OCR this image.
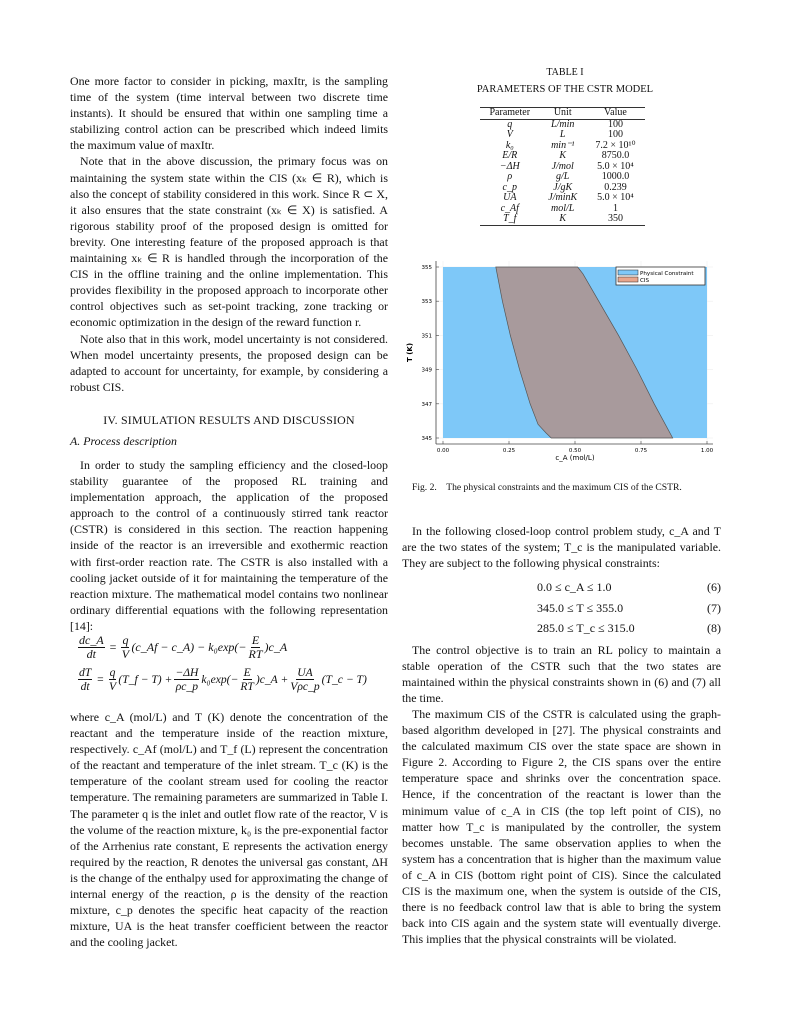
One more factor to consider in picking, maxItr, is the sampling time of the system (time interval between two discrete time instants). It should be ensured that within one sampling time a stabilizing control action can be prescribed which indeed limits the maximum value of maxItr.

Note that in the above discussion, the primary focus was on maintaining the system state within the CIS (xₖ ∈ R), which is also the concept of stability considered in this work. Since R ⊂ X, it also ensures that the state constraint (xₖ ∈ X) is satisfied. A rigorous stability proof of the proposed design is omitted for brevity. One interesting feature of the proposed approach is that maintaining xₖ ∈ R is handled through the incorporation of the CIS in the offline training and the online implementation. This provides flexibility in the proposed approach to incorporate other control objectives such as set-point tracking, zone tracking or economic optimization in the design of the reward function r.

Note also that in this work, model uncertainty is not considered. When model uncertainty presents, the proposed design can be adapted to account for uncertainty, for example, by considering a robust CIS.

IV. SIMULATION RESULTS AND DISCUSSION
A. Process description
In order to study the sampling efficiency and the closed-loop stability guarantee of the proposed RL training and implementation approach, the application of the proposed approach to the control of a continuously stirred tank reactor (CSTR) is considered in this section. The reaction happening inside of the reactor is an irreversible and exothermic reaction with first-order reaction rate. The CSTR is also installed with a cooling jacket outside of it for maintaining the temperature of the reaction mixture. The mathematical model contains two nonlinear ordinary differential equations with the following representation [14]:
$\frac{dc\_A}{dt} = \frac{q}{V}$ (c_Af − c_A) − $k_0\exp(- \frac{E}{RT}$ )c_A
$\frac{dT}{dt} = \frac{q}{V}$ (T_f − $T) + \frac{-\Delta H}{\rho c\_p} k_0\exp(- \frac{E}{RT}$ )c_A + $\frac{UA}{\text{Vρc\_p}}$ (T_c − T)
where c_A (mol/L) and T (K) denote the concentration of the reactant and the temperature inside of the reaction mixture, respectively. c_Af (mol/L) and T_f (L) represent the concentration of the reactant and temperature of the inlet stream. T_c (K) is the temperature of the coolant stream used for cooling the reactor temperature. The remaining parameters are summarized in Table I. The parameter q is the inlet and outlet flow rate of the reactor, V is the volume of the reaction mixture, k₀ is the pre-exponential factor of the Arrhenius rate constant, E represents the activation energy required by the reaction, R denotes the universal gas constant, ΔH is the change of the enthalpy used for approximating the change of internal energy of the reaction, ρ is the density of the reaction mixture, c_p denotes the specific heat capacity of the reaction mixture, UA is the heat transfer coefficient between the reactor and the cooling jacket.
TABLE I
PARAMETERS OF THE CSTR MODEL
Parameter	Unit	Value
q	L/min	100
V	L	100
k₀	min⁻¹	7.2 × 10¹⁰
E/R	K	8750.0
−ΔH	J/mol	5.0 × 10⁴
ρ	g/L	1000.0
c_p	J/gK	0.239
UA	J/minK	5.0 × 10⁴
c_Af	mol/L	1
T_f	K	350
355
353
351
349
347
345
0.00	0.25	0.50	0.75	1.00
c_A (mol/L)
T (K)
Physical Constraint
CIS
Fig. 2.    The physical constraints and the maximum CIS of the CSTR.
In the following closed-loop control problem study, c_A and T are the two states of the system; T_c is the manipulated variable. They are subject to the following physical constraints:
The control objective is to train an RL policy to maintain a stable operation of the CSTR such that the two states are maintained within the physical constraints shown in (6) and (7) all the time.
The maximum CIS of the CSTR is calculated using the graph-based algorithm developed in [27]. The physical constraints and the calculated maximum CIS over the state space are shown in Figure 2. According to Figure 2, the CIS spans over the entire temperature space and shrinks over the concentration space. Hence, if the concentration of the reactant is lower than the minimum value of c_A in CIS (the top left point of CIS), no matter how T_c is manipulated by the controller, the system becomes unstable. The same observation applies to when the system has a concentration that is higher than the maximum value of c_A in CIS (bottom right point of CIS). Since the calculated CIS is the maximum one, when the system is outside of the CIS, there is no feedback control law that is able to bring the system back into CIS again and the system state will eventually diverge. This implies that the physical constraints will be violated.
0.0 ≤ c_A ≤ 1.0	(6)
345.0 ≤ T ≤ 355.0	(7)
285.0 ≤ T_c ≤ 315.0	(8)
